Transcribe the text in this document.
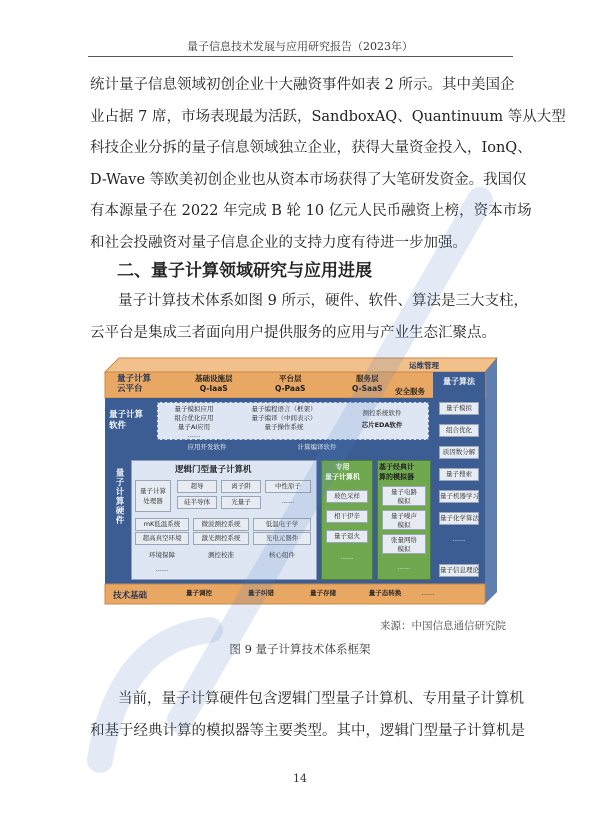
量子信息技术发展与应用研究报告（2023年）
统计量子信息领域初创企业十大融资事件如表 2 所示。其中美国企
业占据 7 席，市场表现最为活跃，SandboxAQ、Quantinuum 等从大型
科技企业分拆的量子信息领域独立企业，获得大量资金投入，IonQ、
D-Wave 等欧美初创企业也从资本市场获得了大笔研发资金。我国仅
有本源量子在 2022 年完成 B 轮 10 亿元人民币融资上榜，资本市场
和社会投融资对量子信息企业的支持力度有待进一步加强。
二、量子计算领域研究与应用进展
量子计算技术体系如图 9 所示，硬件、软件、算法是三大支柱，
云平台是集成三者面向用户提供服务的应用与产业生态汇聚点。
量子计算
云平台
基础设施层
Q-IaaS
平台层
Q-PaaS
服务层
Q-SaaS
运维管理
安全服务
量子算法
量子模拟
组合优化
质因数分解
量子搜索
量子机器学习
量子化学算法
......
量子信息理论
量子计算
软件
量子模拟应用
组合优化应用
量子AI应用
......
量子编程语言（框架）
量子编译（中间表示）
量子操作系统
测控系统软件
芯片EDA软件
应用开发软件	计算编译软件
量子计算硬件	逻辑门型量子计算机
量子计算
处理器
超导	离子阱	中性原子
硅半导体	光量子	......
mK低温系统	微波测控系统	低温电子学
超高真空环境	激光测控系统	光电元器件
环境保障	测控校准	核心组件
......
专用
量子计算机
玻色采样
相干伊辛
量子退火
......
基于经典计
算的模拟器
量子电路
模拟
量子噪声
模拟
张量网络
模拟
......
技术基础	量子调控	量子纠错	量子存储	量子态转换	......
来源：中国信息通信研究院
图 9 量子计算技术体系框架
当前，量子计算硬件包含逻辑门型量子计算机、专用量子计算机
和基于经典计算的模拟器等主要类型。其中，逻辑门型量子计算机是
14
